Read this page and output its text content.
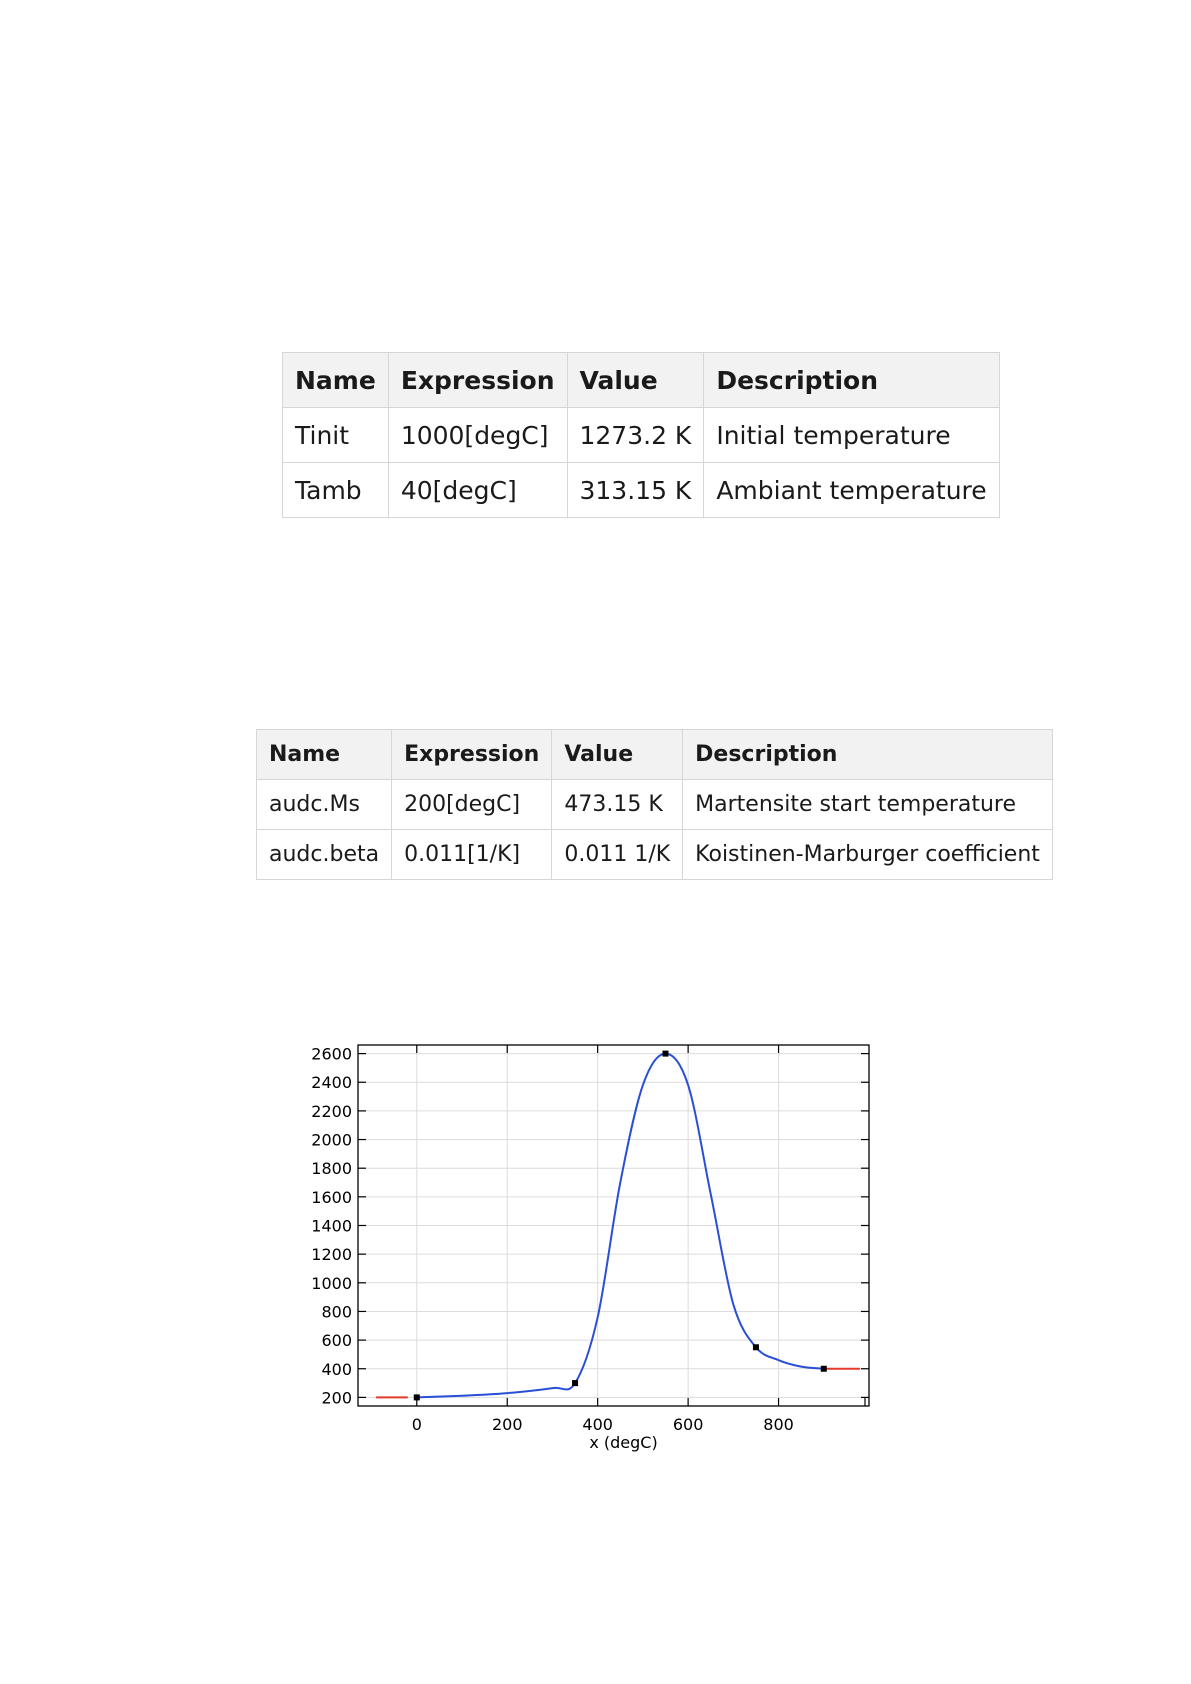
Name	Expression	Value	Description
Tinit	1000[degC]	1273.2 K	Initial temperature
Tamb	40[degC]	313.15 K	Ambiant temperature
Name	Expression	Value	Description
audc.Ms	200[degC]	473.15 K	Martensite start temperature
audc.beta	0.011[1/K]	0.011 1/K	Koistinen-Marburger coefficient
200
400
600
800
1000
1200
1400
1600
1800
2000
2200
2400
2600
0	200	400	600	800
x (degC)
